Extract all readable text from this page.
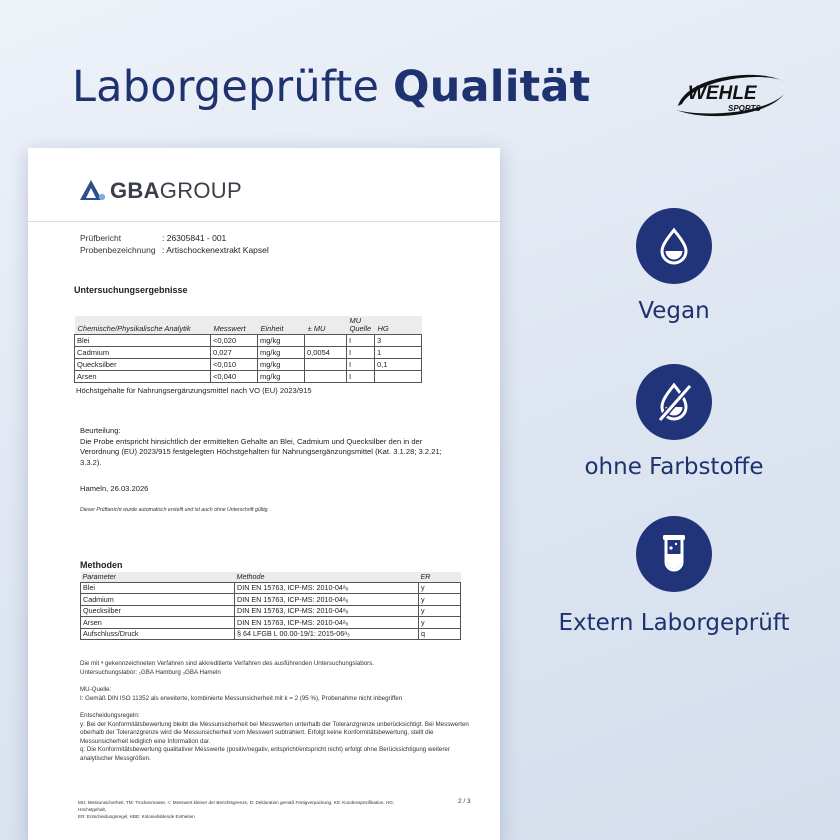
Laborgeprüfte Qualität	WEHLE
SPORTS
GBAGROUP
Prüfbericht	: 26305841 - 001
Probenbezeichnung : Artischockenextrakt Kapsel
Untersuchungsergebnisse
Chemische/Physikalische Analytik	Messwert	Einheit	± MU	MU Quelle	HG
Blei	<0,020	mg/kg		I	3
Cadmium	0,027	mg/kg	0,0054	I	1
Quecksilber	<0,010	mg/kg		I	0,1
Arsen	<0,040	mg/kg		I	
Höchstgehalte für Nahrungsergänzungsmittel nach VO (EU) 2023/915
Beurteilung:
Die Probe entspricht hinsichtlich der ermittelten Gehalte an Blei, Cadmium und Quecksilber den in der Verordnung (EU) 2023/915 festgelegten Höchstgehalten für Nahrungsergänzungsmittel (Kat. 3.1.28; 3.2.21; 3.3.2).
Hameln, 26.03.2026
Dieser Prüfbericht wurde automatisch erstellt und ist auch ohne Unterschrift gültig.
Methoden
Parameter	Methode	ER
Blei	DIN EN 15763, ICP-MS: 2010-04ᵃ₀	y
Cadmium	DIN EN 15763, ICP-MS: 2010-04ᵃ₀	y
Quecksilber	DIN EN 15763, ICP-MS: 2010-04ᵃ₀	y
Arsen	DIN EN 15763, ICP-MS: 2010-04ᵃ₀	y
Aufschluss/Druck	§ 64 LFGB L 00.00-19/1: 2015-06ᵃ₃	q
Die mit ᵃ gekennzeichneten Verfahren sind akkreditierte Verfahren des ausführenden Untersuchungslabors.
Untersuchungslabor: ₁GBA Hamburg ₃GBA Hameln
MU-Quelle:
I: Gemäß DIN ISO 11352 als erweiterte, kombinierte Messunsicherheit mit k = 2 (95 %), Probenahme nicht inbegriffen
Entscheidungsregeln:
y: Bei der Konformitätsbewertung bleibt die Messunsicherheit bei Messwerten unterhalb der Toleranzgrenze unberücksichtigt. Bei Messwerten oberhalb der Toleranzgrenze wird die Messunsicherheit vom Messwert subtrahiert. Erfolgt keine Konformitätsbewertung, stellt die Messunsicherheit lediglich eine Information dar.
q: Die Konformitätsbewertung qualitativer Messwerte (positiv/negativ, entspricht/entspricht nicht) erfolgt ohne Berücksichtigung weiterer analytischer Messgrößen.
MU: Messunsicherheit, TM: Trockenmasse, <: Messwert kleiner der Berichtsgrenze, D: Deklaration gemäß Fertigverpackung, KS: Kundenspezifikation, HG: Höchstgehalt,
ER: Entscheidungsregel, KBE: Koloniebildende Einheiten
2 / 3
Vegan
ohne Farbstoffe
Extern Laborgeprüft
